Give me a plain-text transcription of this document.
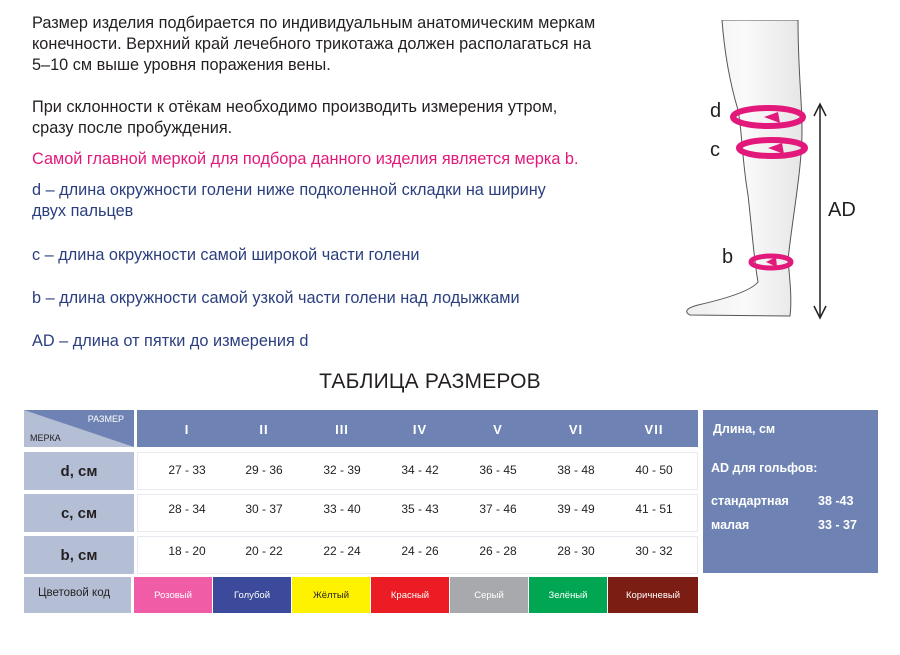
Размер изделия подбирается по индивидуальным анатомическим меркам
конечности. Верхний край лечебного трикотажа должен располагаться на
5–10 см выше уровня поражения вены.

При склонности к отёкам необходимо производить измерения утром,
сразу после пробуждения.

Самой главной меркой для подбора данного изделия является мерка b.

d – длина окружности голени ниже подколенной складки на ширину
двух пальцев

c – длина окружности самой широкой части голени

b – длина окружности самой узкой части голени над лодыжками

AD – длина от пятки до измерения d

d
c
b
AD
ТАБЛИЦА РАЗМЕРОВ
РАЗМЕР
МЕРКА
I	II	III	IV	V	VI	VII
d, см	27 - 33	29 - 36	32 - 39	34 - 42	36 - 45	38 - 48	40 - 50
c, см	28 - 34	30 - 37	33 - 40	35 - 43	37 - 46	39 - 49	41 - 51
b, см	18 - 20	20 - 22	22 - 24	24 - 26	26 - 28	28 - 30	30 - 32
Цветовой код	Розовый	Голубой	Жёлтый	Красный	Серый	Зелёный	Коричневый
Длина, см
AD для гольфов:
стандартная 38 -43
малая	33 - 37
